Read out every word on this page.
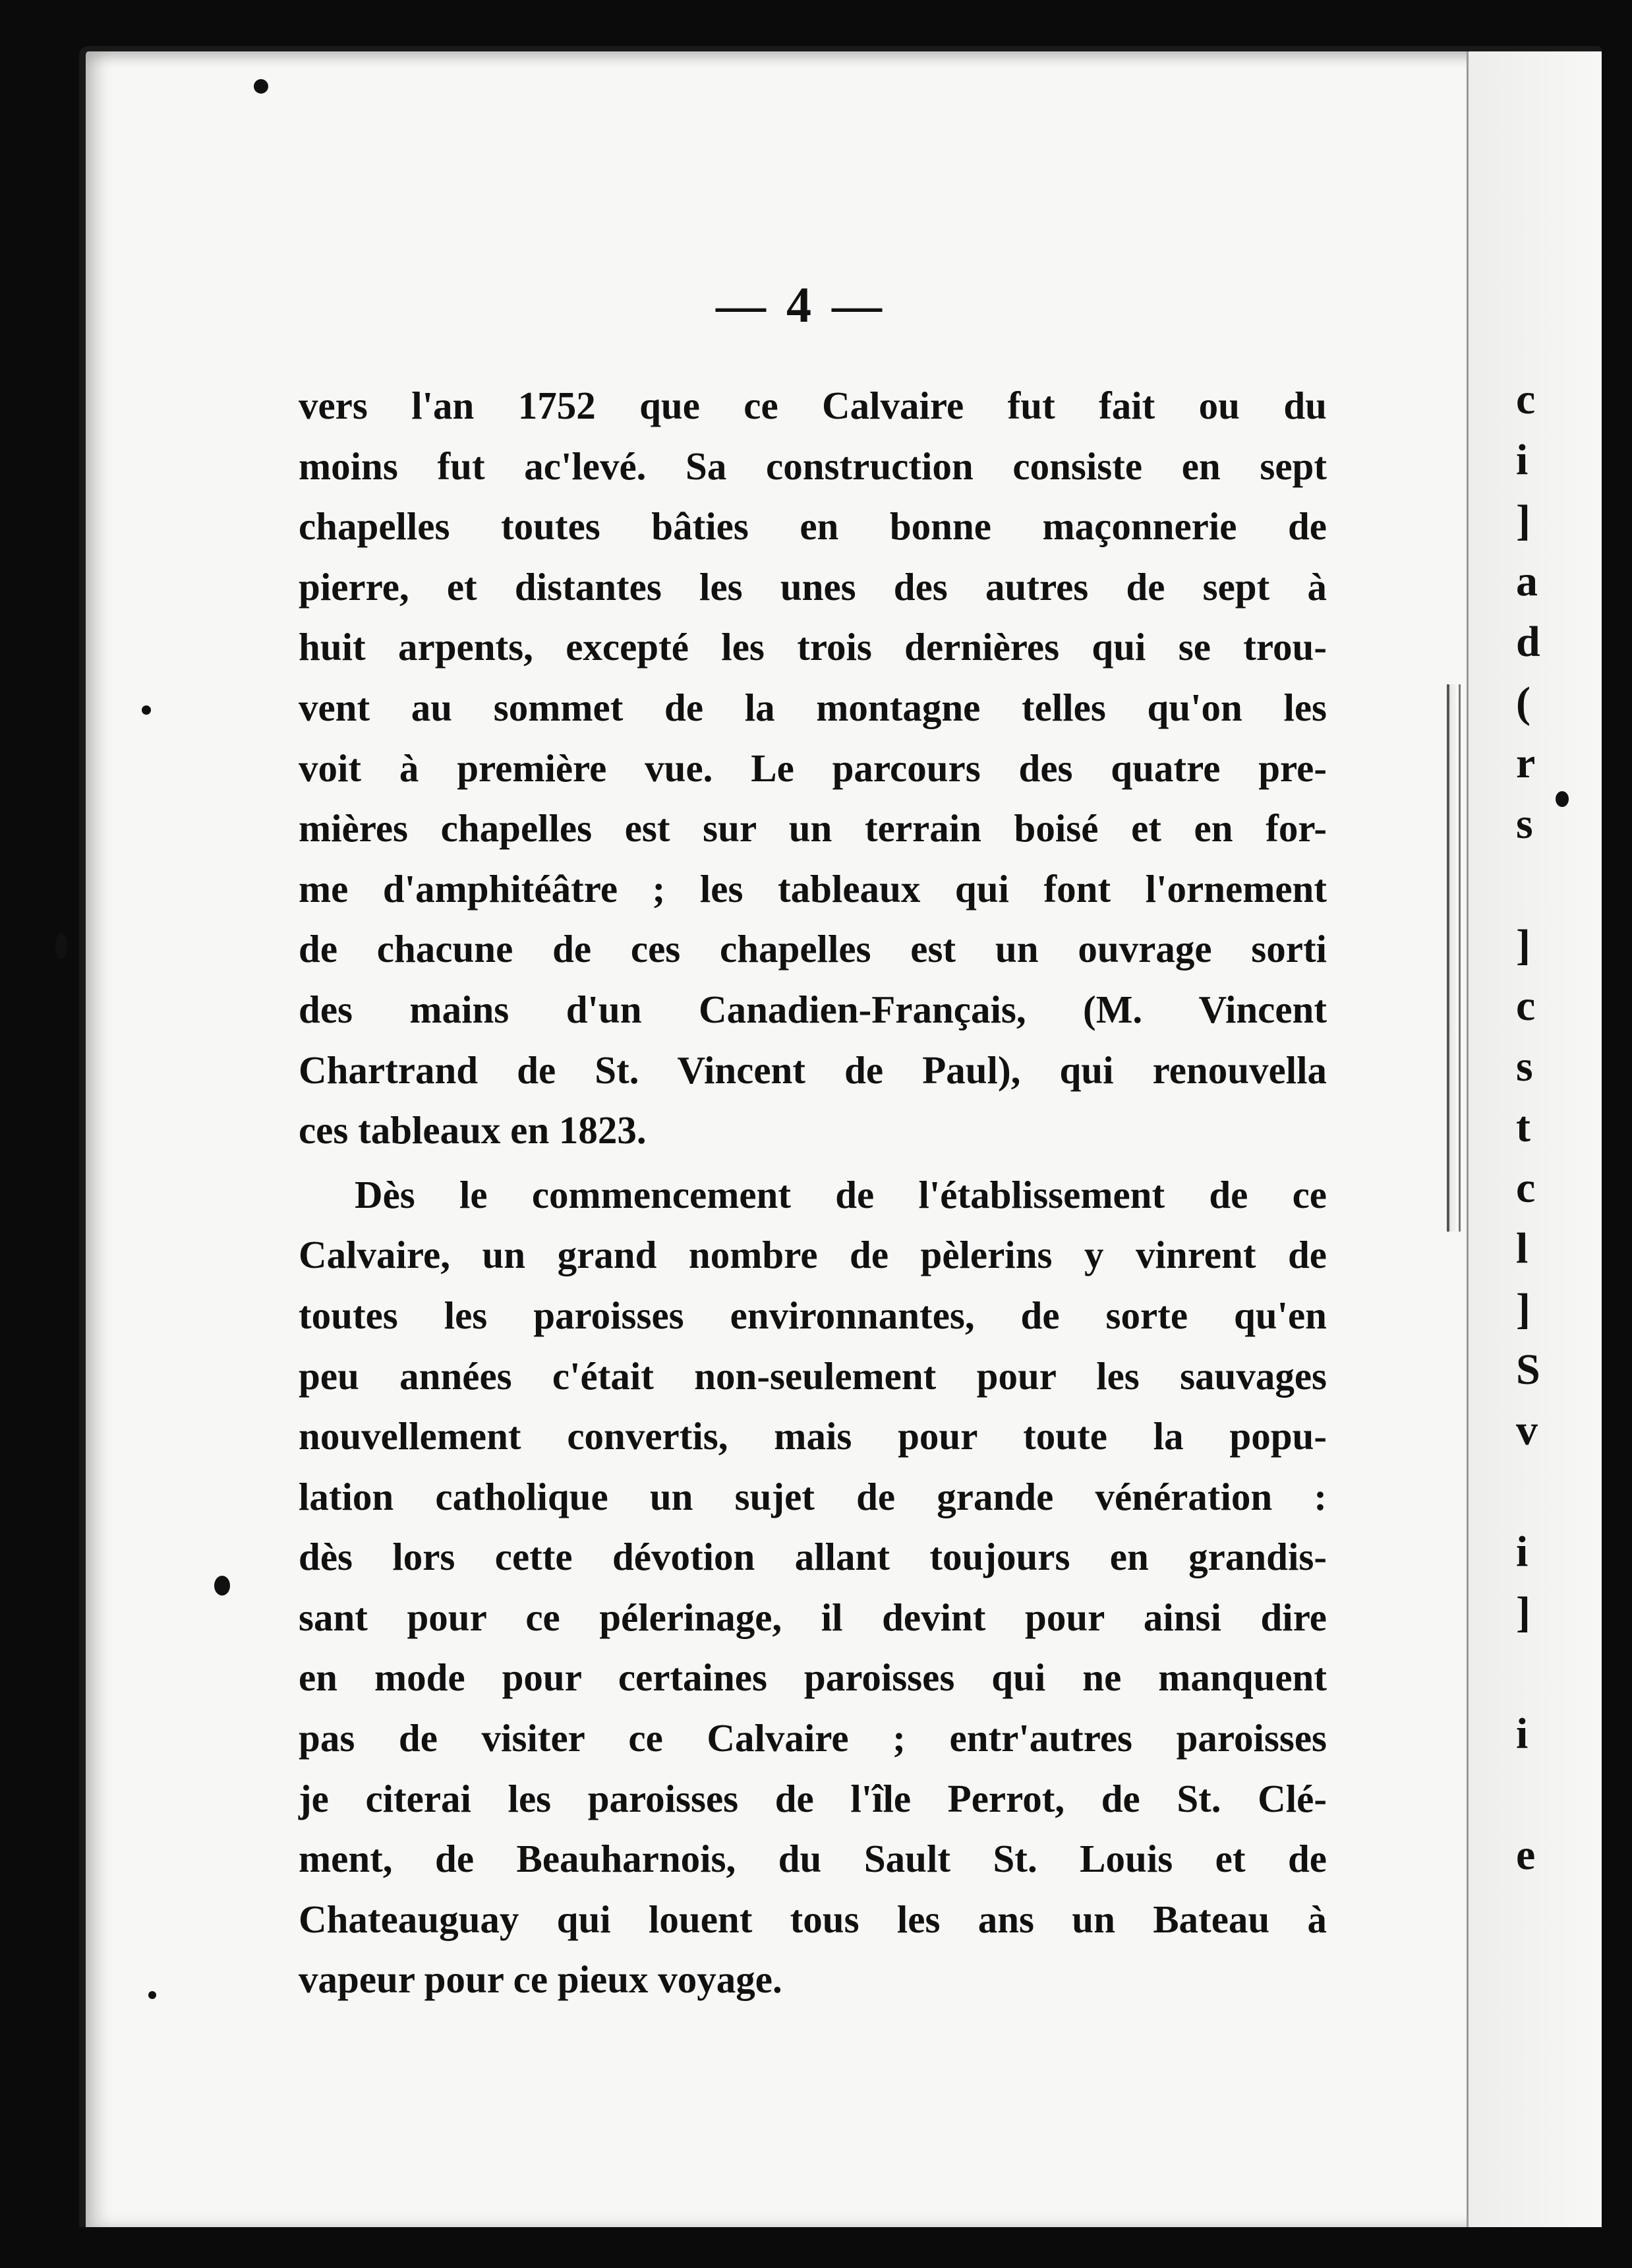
c
i
]
a
d
(
r
s
]
c
s
t
c
l
]
S
v
i
]
i
e
— 4 —
vers l'an 1752 que ce Calvaire fut fait ou du
moins fut ac'levé. Sa construction consiste en sept
chapelles toutes bâties en bonne maçonnerie de
pierre, et distantes les unes des autres de sept à
huit arpents, excepté les trois dernières qui se trou-
vent au sommet de la montagne telles qu'on les
voit à première vue. Le parcours des quatre pre-
mières chapelles est sur un terrain boisé et en for-
me d'amphitéâtre ; les tableaux qui font l'ornement
de chacune de ces chapelles est un ouvrage sorti
des mains d'un Canadien-Français, (M. Vincent
Chartrand de St. Vincent de Paul), qui renouvella
ces tableaux en 1823.
Dès le commencement de l'établissement de ce
Calvaire, un grand nombre de pèlerins y vinrent de
toutes les paroisses environnantes, de sorte qu'en
peu années c'était non-seulement pour les sauvages
nouvellement convertis, mais pour toute la popu-
lation catholique un sujet de grande vénération :
dès lors cette dévotion allant toujours en grandis-
sant pour ce pélerinage, il devint pour ainsi dire
en mode pour certaines paroisses qui ne manquent
pas de visiter ce Calvaire ; entr'autres paroisses
je citerai les paroisses de l'île Perrot, de St. Clé-
ment, de Beauharnois, du Sault St. Louis et de
Chateauguay qui louent tous les ans un Bateau à
vapeur pour ce pieux voyage.
